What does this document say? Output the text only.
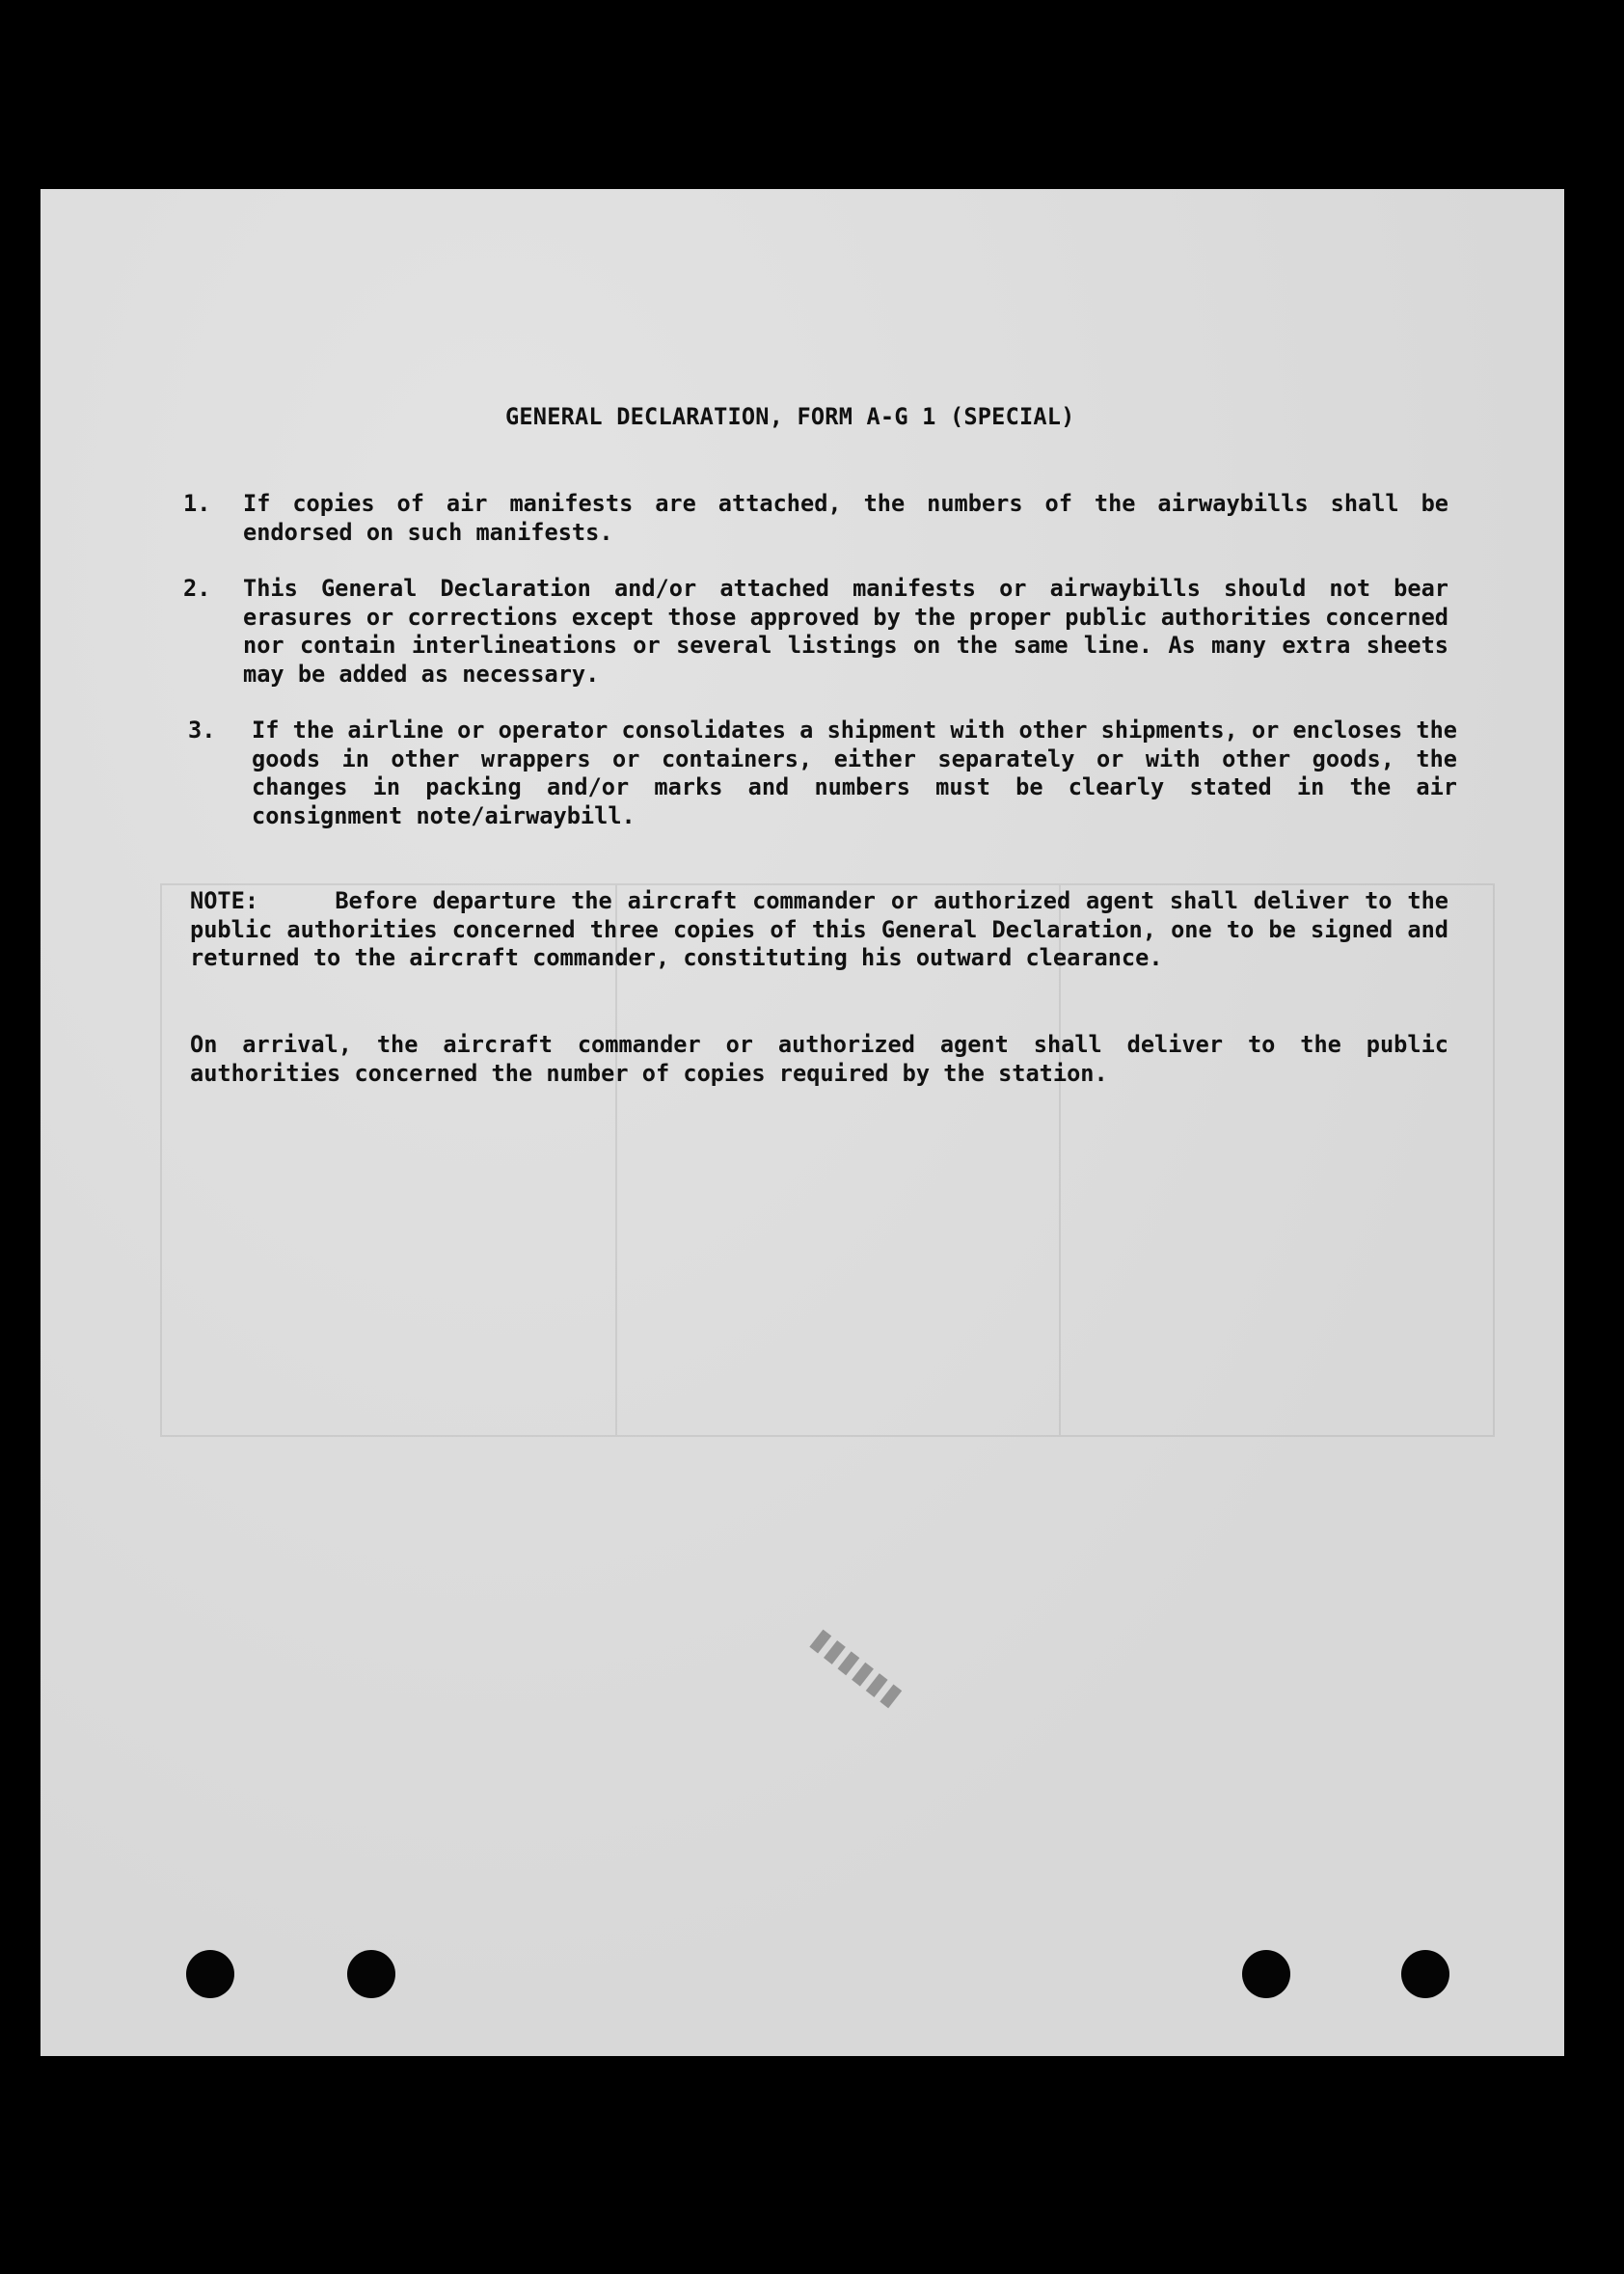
▮▮▮▮▮▮
GENERAL DECLARATION, FORM A-G 1 (SPECIAL)
1. If copies of air manifests are attached, the numbers of the airwaybills shall be endorsed on such manifests.
2. This General Declaration and/or attached manifests or airwaybills should not bear erasures or corrections except those approved by the proper public authorities concerned nor contain interlineations or several listings on the same line. As many extra sheets may be added as necessary.
3. If the airline or operator consolidates a shipment with other shipments, or encloses the goods in other wrappers or containers, either separately or with other goods, the changes in packing and/or marks and numbers must be clearly stated in the air consignment note/airwaybill.
NOTE:     Before departure the aircraft commander or authorized agent shall deliver to the public authorities concerned three copies of this General Declaration, one to be signed and returned to the aircraft commander, constituting his outward clearance.
On arrival, the aircraft commander or authorized agent shall deliver to the public authorities concerned the number of copies required by the station.
